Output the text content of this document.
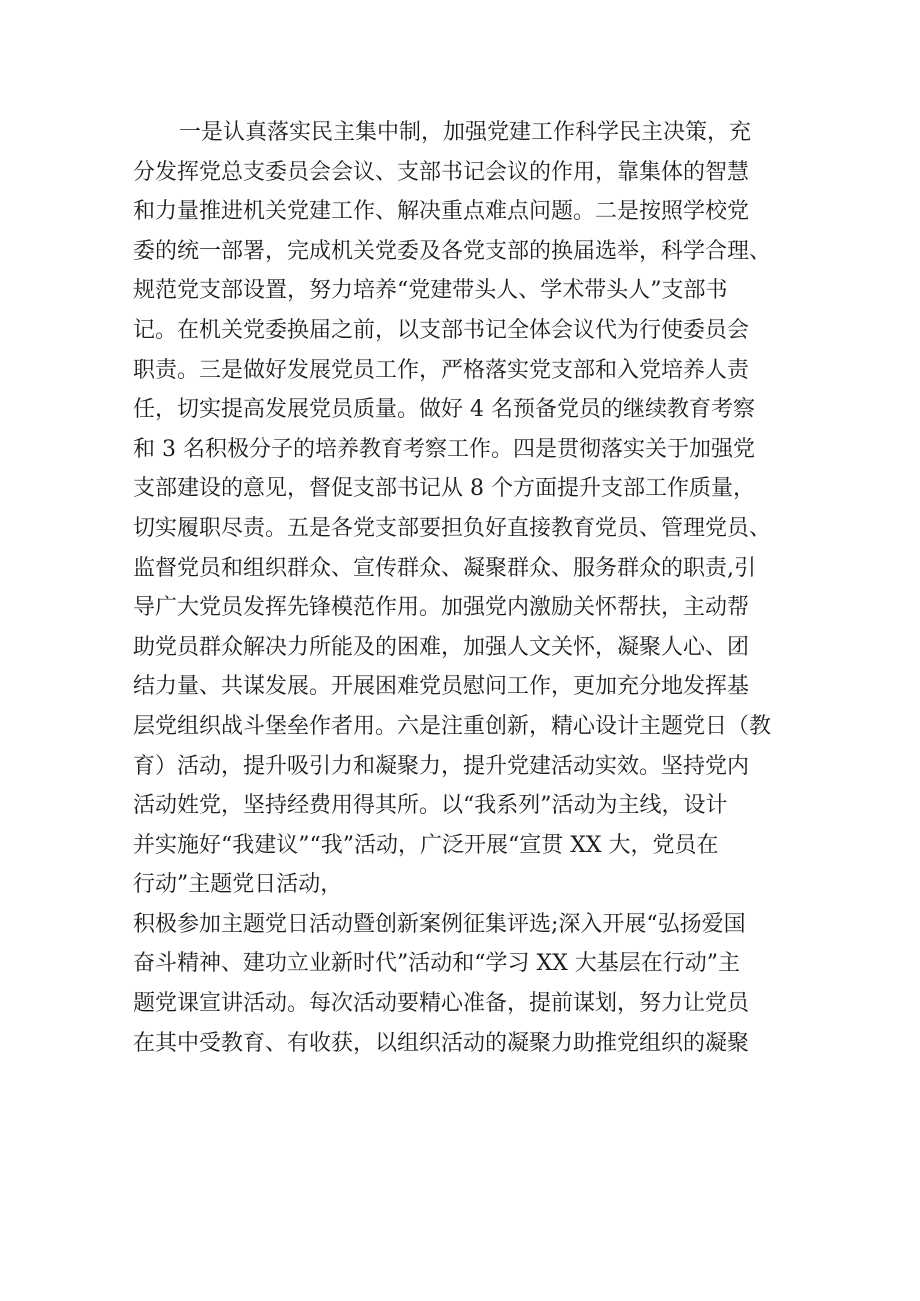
一是认真落实民主集中制，加强党建工作科学民主决策，充
分发挥党总支委员会会议、支部书记会议的作用，靠集体的智慧
和力量推进机关党建工作、解决重点难点问题。二是按照学校党
委的统一部署，完成机关党委及各党支部的换届选举，科学合理、
规范党支部设置，努力培养“党建带头人、学术带头人”支部书
记。在机关党委换届之前，以支部书记全体会议代为行使委员会
职责。三是做好发展党员工作，严格落实党支部和入党培养人责
任，切实提高发展党员质量。做好 4 名预备党员的继续教育考察
和 3 名积极分子的培养教育考察工作。四是贯彻落实关于加强党
支部建设的意见，督促支部书记从 8 个方面提升支部工作质量，
切实履职尽责。五是各党支部要担负好直接教育党员、管理党员、
监督党员和组织群众、宣传群众、凝聚群众、服务群众的职责,引
导广大党员发挥先锋模范作用。加强党内激励关怀帮扶，主动帮
助党员群众解决力所能及的困难，加强人文关怀，凝聚人心、团
结力量、共谋发展。开展困难党员慰问工作，更加充分地发挥基
层党组织战斗堡垒作者用。六是注重创新，精心设计主题党日（教
育）活动，提升吸引力和凝聚力，提升党建活动实效。坚持党内
活动姓党，坚持经费用得其所。以“我系列”活动为主线，设计
并实施好“我建议”“我”活动，广泛开展“宣贯 XX 大，党员在
行动”主题党日活动，
积极参加主题党日活动暨创新案例征集评选;深入开展“弘扬爱国
奋斗精神、建功立业新时代”活动和“学习 XX 大基层在行动”主
题党课宣讲活动。每次活动要精心准备，提前谋划，努力让党员
在其中受教育、有收获，以组织活动的凝聚力助推党组织的凝聚
